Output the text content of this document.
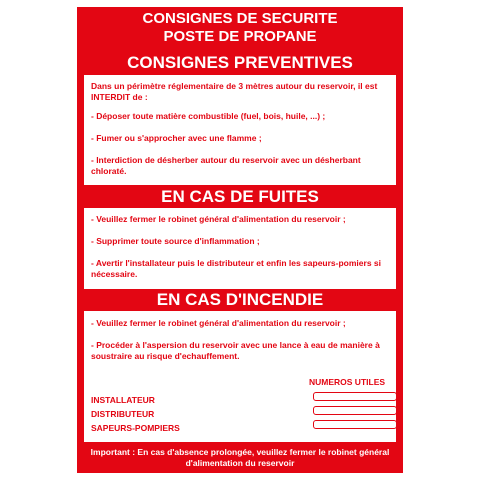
CONSIGNES DE SECURITE
POSTE DE PROPANE
CONSIGNES PREVENTIVES

Dans un périmètre réglementaire de 3 mètres autour du reservoir, il est INTERDIT de :

- Déposer toute matière combustible (fuel, bois, huile, ...) ;

- Fumer ou s'approcher avec une flamme ;

- Interdiction de désherber autour du reservoir avec un désherbant chloraté.

EN CAS DE FUITES

- Veuillez fermer le robinet général d'alimentation du reservoir ;

- Supprimer toute source d'inflammation ;

- Avertir l'installateur puis le distributeur et enfin les sapeurs-pomiers si nécessaire.

EN CAS D'INCENDIE

- Veuillez fermer le robinet général d'alimentation du reservoir ;

- Procéder à l'aspersion du reservoir avec une lance à eau de manière à soustraire au risque d'echauffement.

NUMEROS UTILES
INSTALLATEUR
DISTRIBUTEUR
SAPEURS-POMPIERS
Important : En cas d'absence prolongée, veuillez fermer le robinet général d'alimentation du reservoir
